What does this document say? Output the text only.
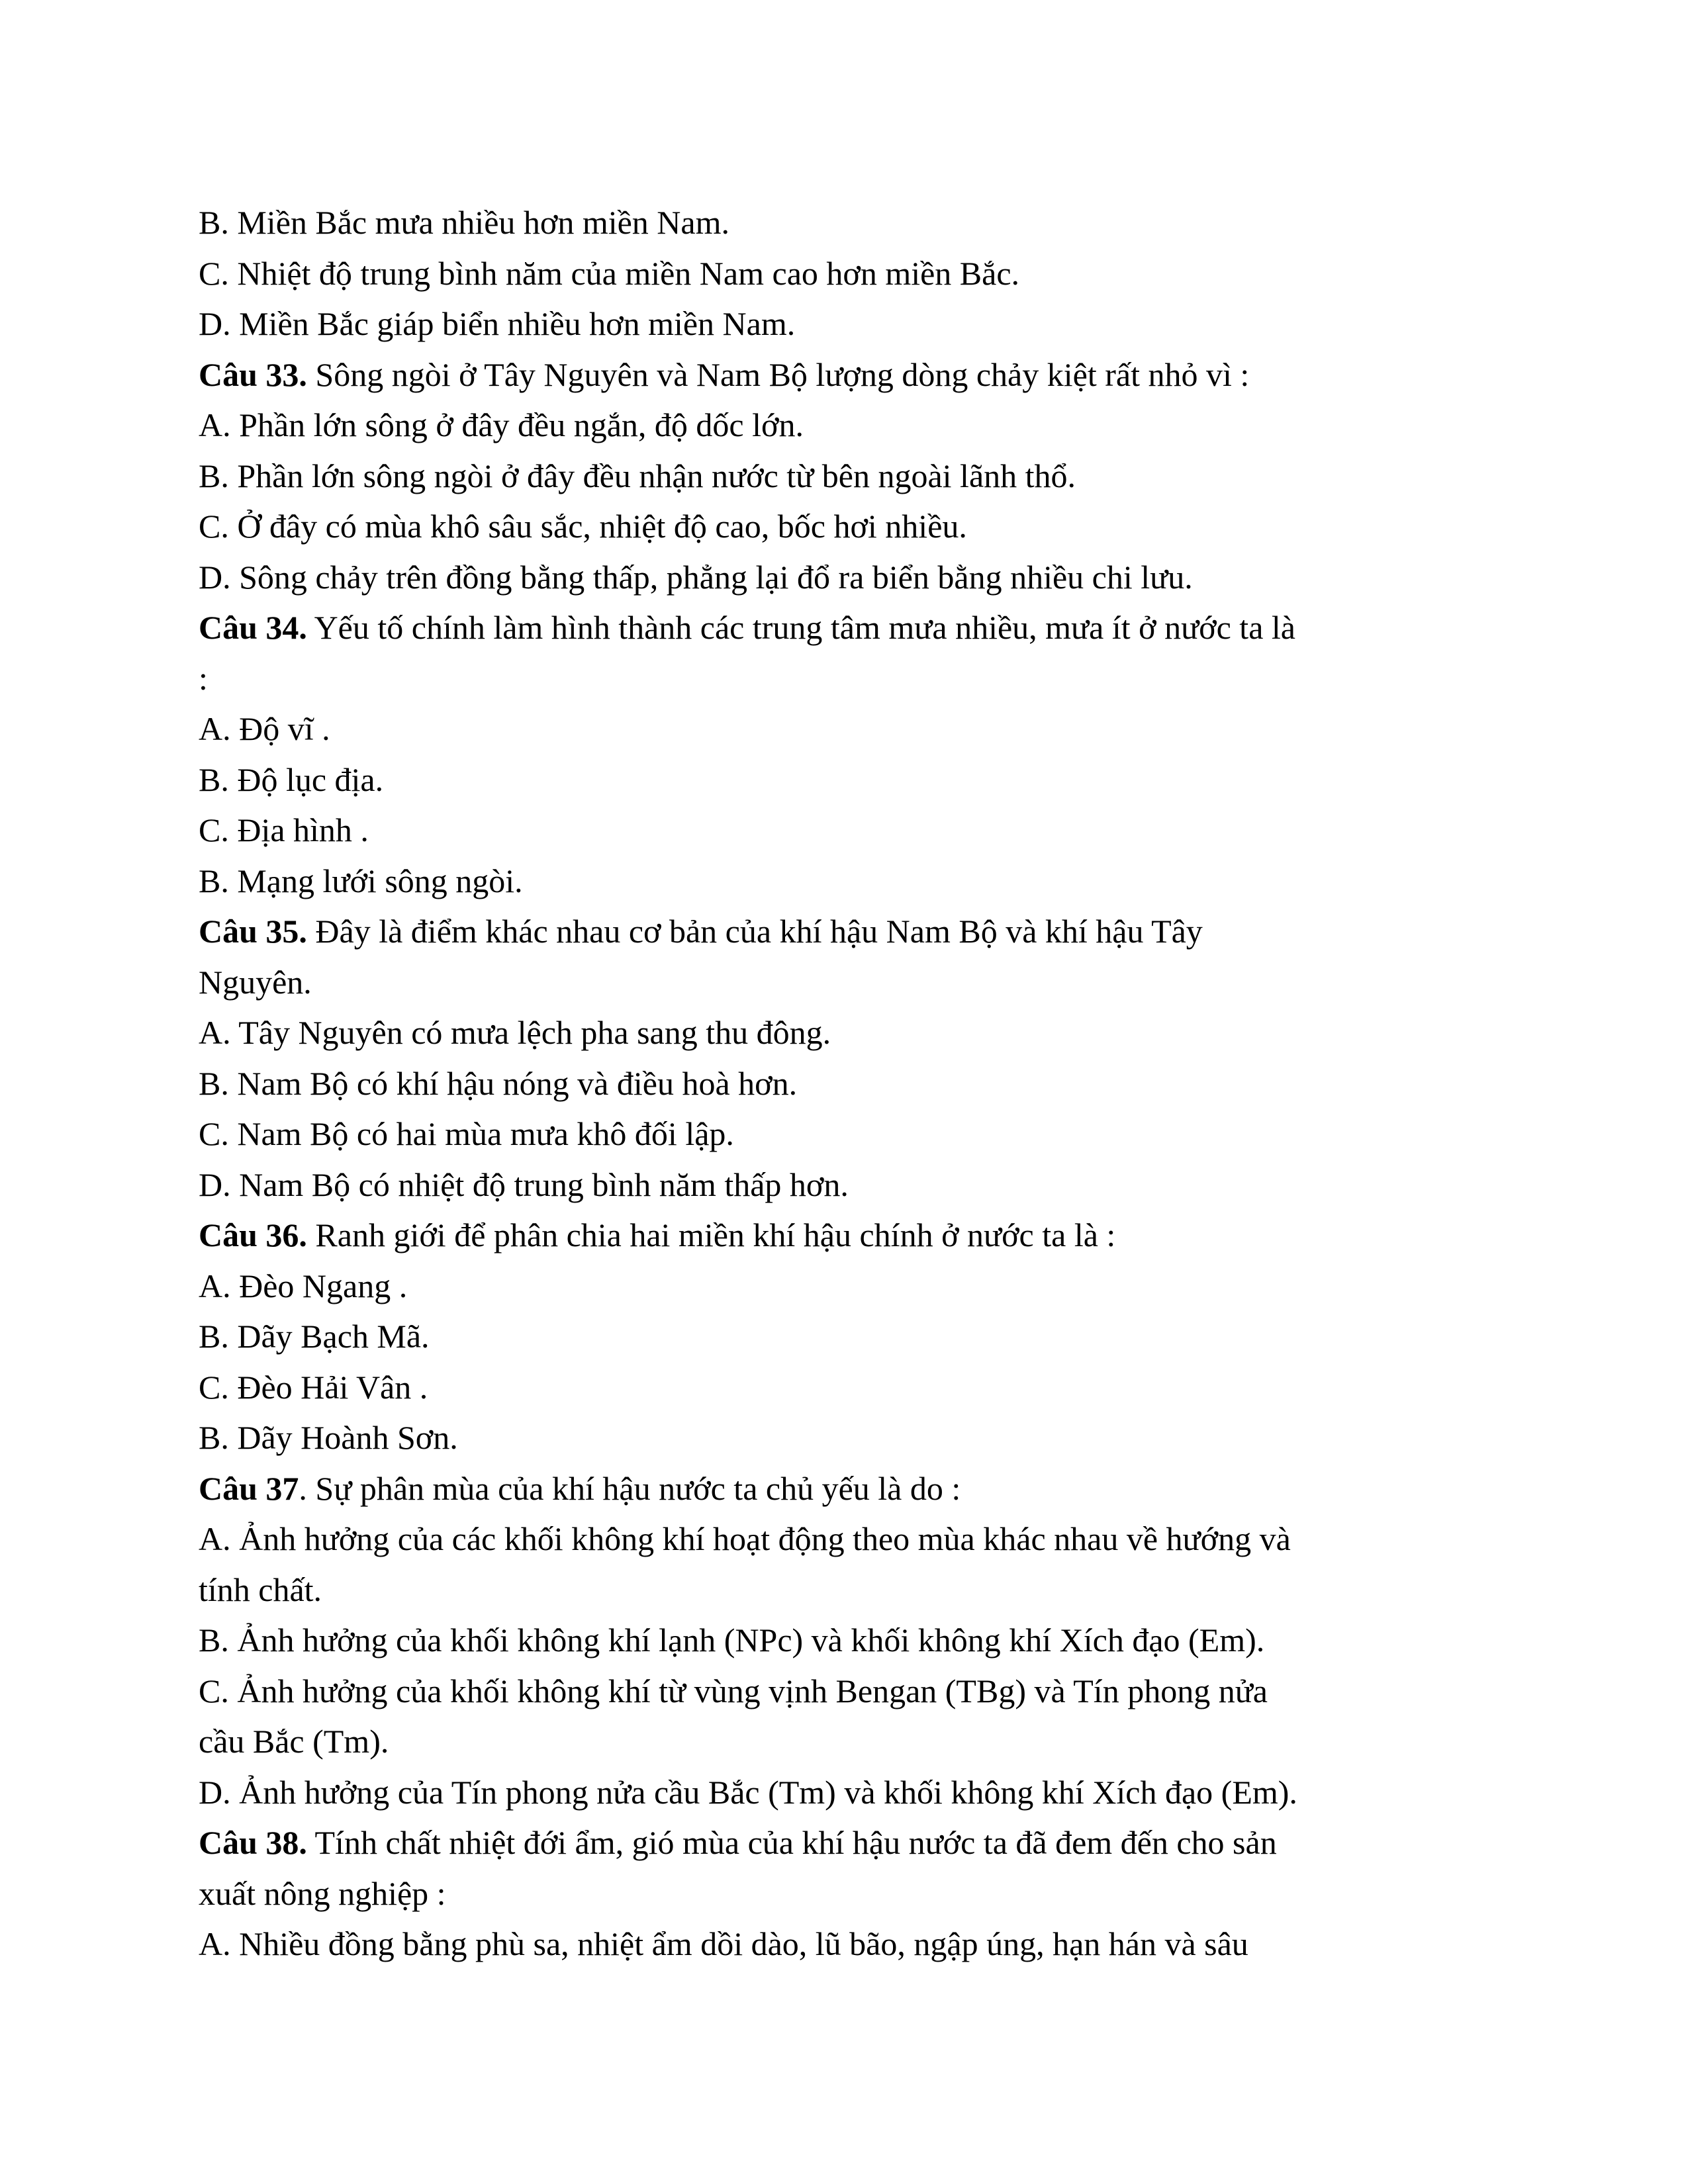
B. Miền Bắc mưa nhiều hơn miền Nam.
C. Nhiệt độ trung bình năm của miền Nam cao hơn miền Bắc.
D. Miền Bắc giáp biển nhiều hơn miền Nam.
Câu 33. Sông ngòi ở Tây Nguyên và Nam Bộ lượng dòng chảy kiệt rất nhỏ vì :
A. Phần lớn sông ở đây đều ngắn, độ dốc lớn.
B. Phần lớn sông ngòi ở đây đều nhận nước từ bên ngoài lãnh thổ.
C. Ở đây có mùa khô sâu sắc, nhiệt độ cao, bốc hơi nhiều.
D. Sông chảy trên đồng bằng thấp, phẳng lại đổ ra biển bằng nhiều chi lưu.
Câu 34. Yếu tố chính làm hình thành các trung tâm mưa nhiều, mưa ít ở nước ta là
:
A. Độ vĩ .
B. Độ lục địa.
C. Địa hình .
B. Mạng lưới sông ngòi.
Câu 35. Đây là điểm khác nhau cơ bản của khí hậu Nam Bộ và khí hậu Tây
Nguyên.
A. Tây Nguyên có mưa lệch pha sang thu đông.
B. Nam Bộ có khí hậu nóng và điều hoà hơn.
C. Nam Bộ có hai mùa mưa khô đối lập.
D. Nam Bộ có nhiệt độ trung bình năm thấp hơn.
Câu 36. Ranh giới để phân chia hai miền khí hậu chính ở nước ta là :
A. Đèo Ngang .
B. Dãy Bạch Mã.
C. Đèo Hải Vân .
B. Dãy Hoành Sơn.
Câu 37. Sự phân mùa của khí hậu nước ta chủ yếu là do :
A. Ảnh hưởng của các khối không khí hoạt động theo mùa khác nhau về hướng và
tính chất.
B. Ảnh hưởng của khối không khí lạnh (NPc) và khối không khí Xích đạo (Em).
C. Ảnh hưởng của khối không khí từ vùng vịnh Bengan (TBg) và Tín phong nửa
cầu Bắc (Tm).
D. Ảnh hưởng của Tín phong nửa cầu Bắc (Tm) và khối không khí Xích đạo (Em).
Câu 38. Tính chất nhiệt đới ẩm, gió mùa của khí hậu nước ta đã đem đến cho sản
xuất nông nghiệp :
A. Nhiều đồng bằng phù sa, nhiệt ẩm dồi dào, lũ bão, ngập úng, hạn hán và sâu
